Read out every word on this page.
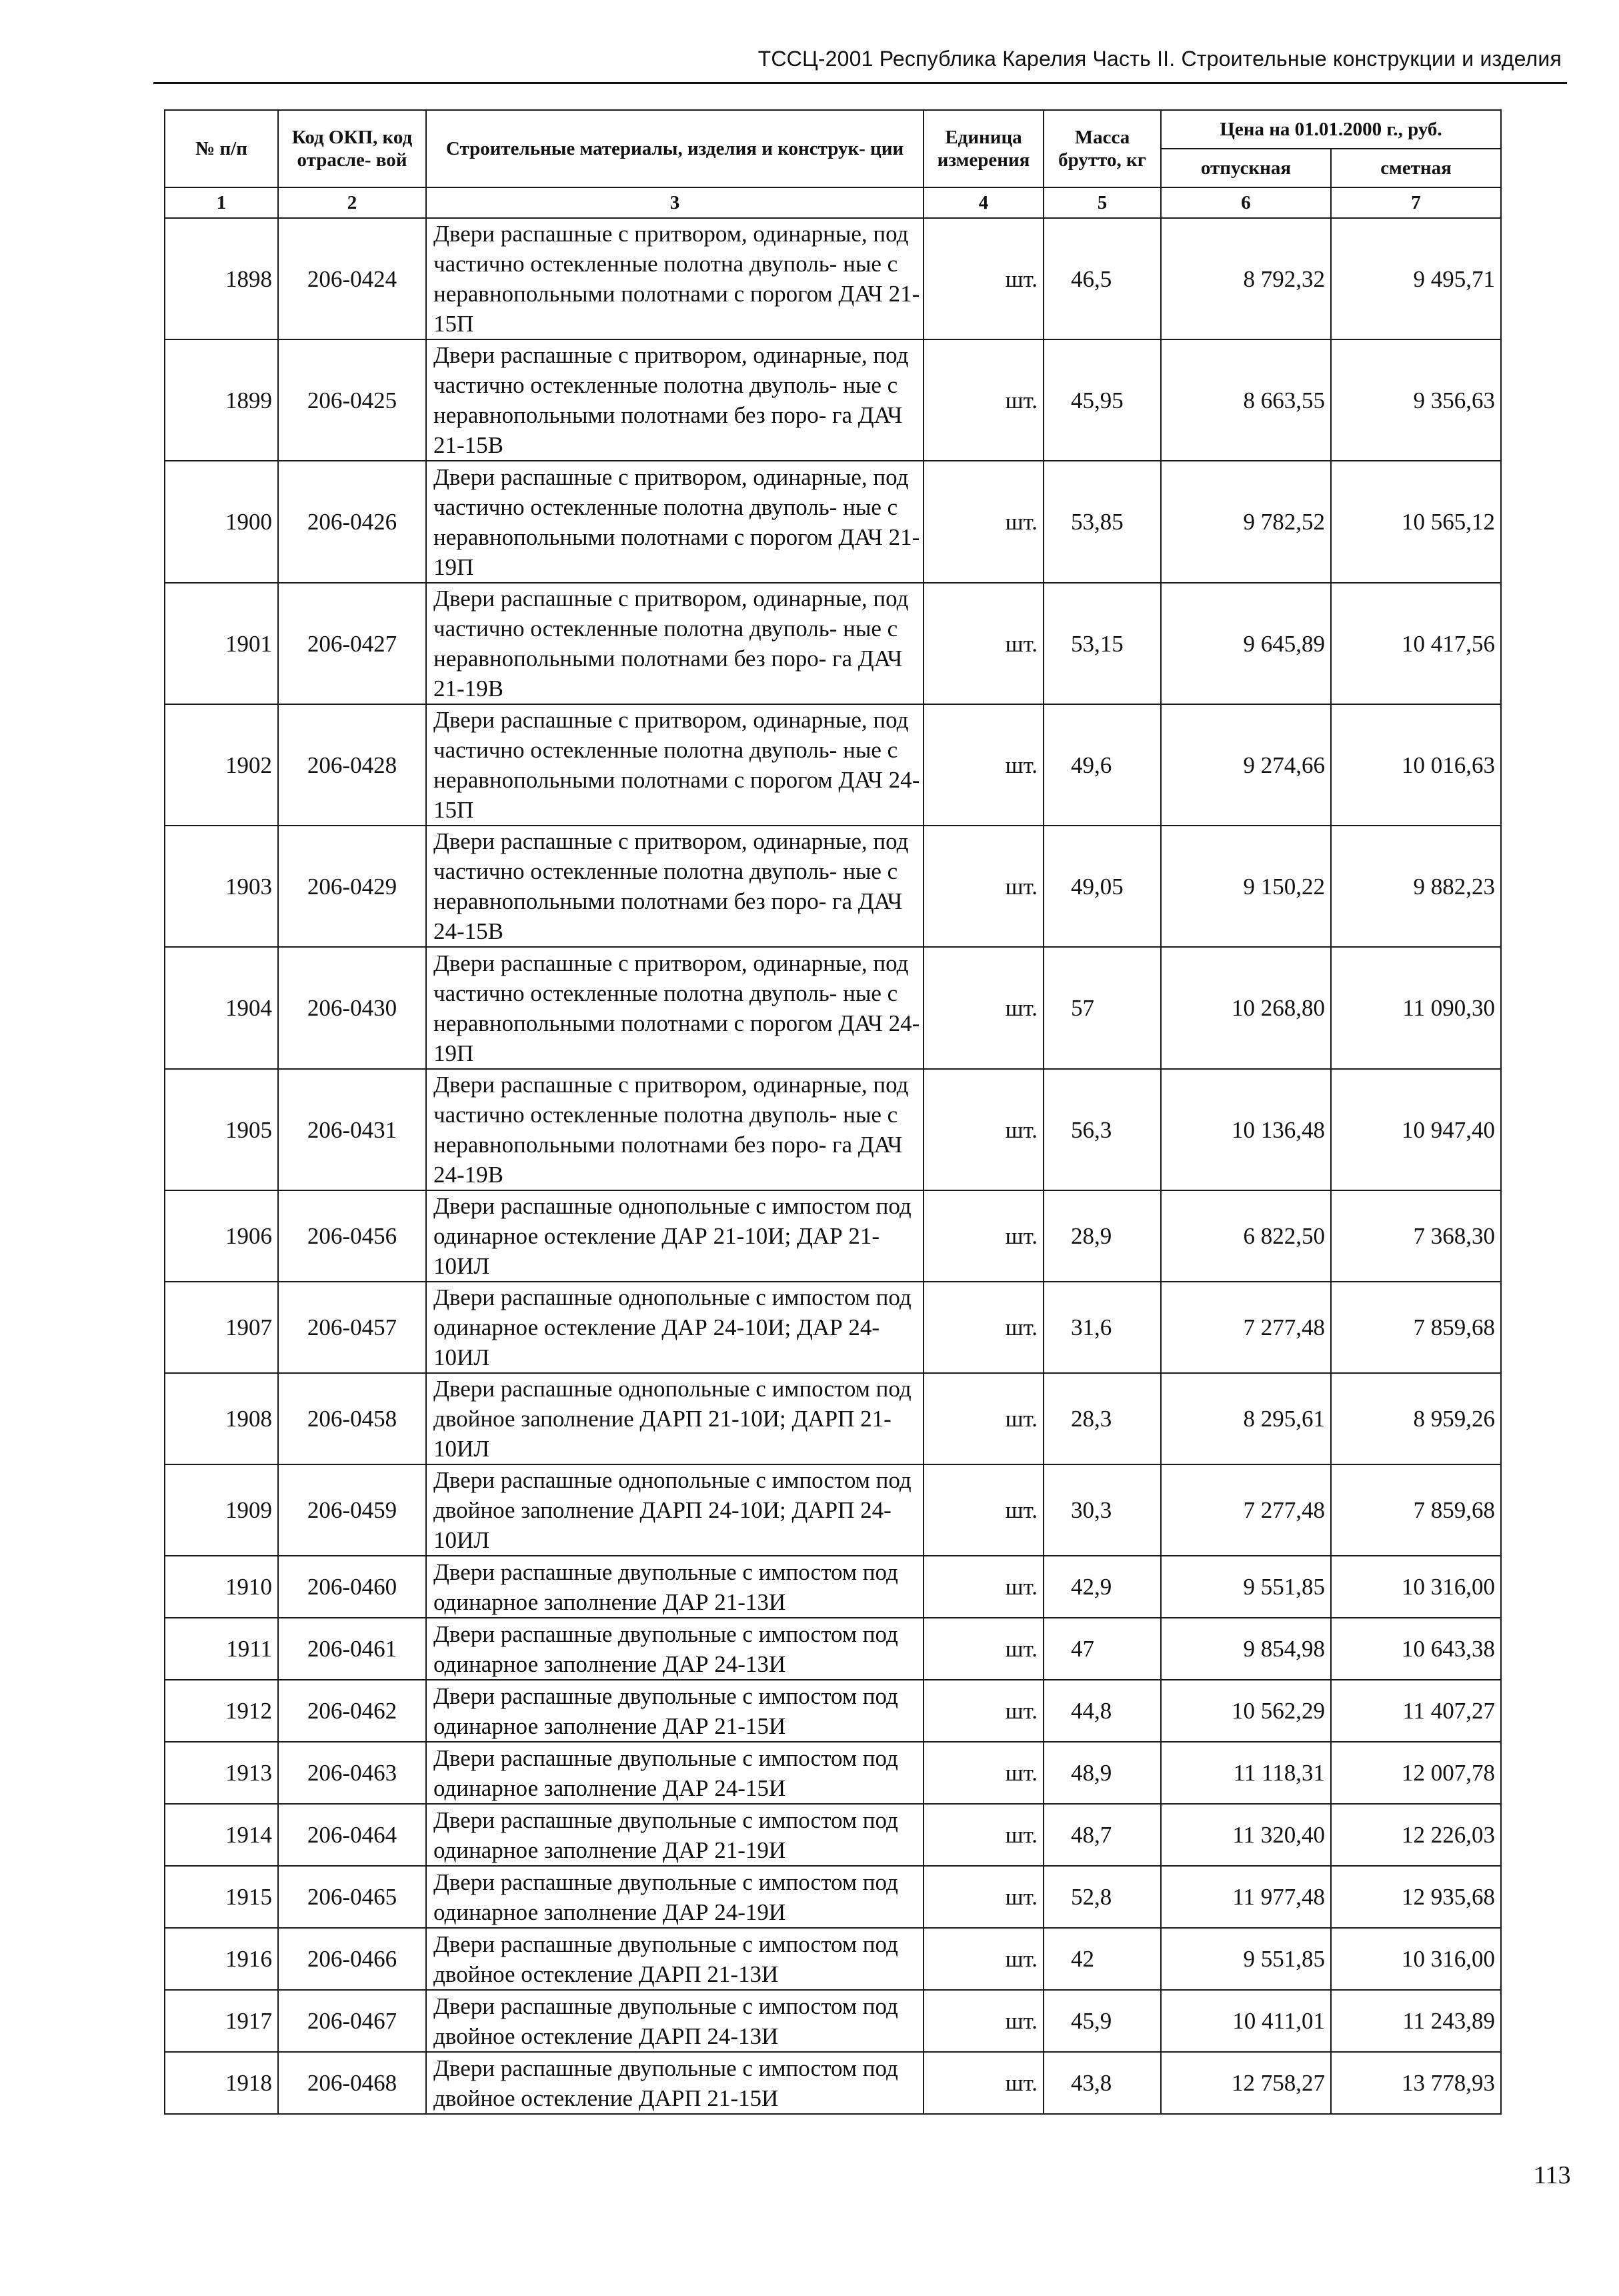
ТССЦ-2001 Республика Карелия Часть II. Строительные конструкции и изделия
№ п/п	Код ОКП, код отрасле- вой	Строительные материалы, изделия и конструк- ции	Единица измерения	Масса брутто, кг	Цена на 01.01.2000 г., руб.	
					отпускная	сметная
1	2	3	4	5	6	7
1898	206-0424	Двери распашные с притвором, одинарные, под частично остекленные полотна двуполь- ные с неравнопольными полотнами с порогом ДАЧ 21-15П	шт.	46,5	8 792,32	9 495,71
1899	206-0425	Двери распашные с притвором, одинарные, под частично остекленные полотна двуполь- ные с неравнопольными полотнами без поро- га ДАЧ 21-15В	шт.	45,95	8 663,55	9 356,63
1900	206-0426	Двери распашные с притвором, одинарные, под частично остекленные полотна двуполь- ные с неравнопольными полотнами с порогом ДАЧ 21-19П	шт.	53,85	9 782,52	10 565,12
1901	206-0427	Двери распашные с притвором, одинарные, под частично остекленные полотна двуполь- ные с неравнопольными полотнами без поро- га ДАЧ 21-19В	шт.	53,15	9 645,89	10 417,56
1902	206-0428	Двери распашные с притвором, одинарные, под частично остекленные полотна двуполь- ные с неравнопольными полотнами с порогом ДАЧ 24-15П	шт.	49,6	9 274,66	10 016,63
1903	206-0429	Двери распашные с притвором, одинарные, под частично остекленные полотна двуполь- ные с неравнопольными полотнами без поро- га ДАЧ 24-15В	шт.	49,05	9 150,22	9 882,23
1904	206-0430	Двери распашные с притвором, одинарные, под частично остекленные полотна двуполь- ные с неравнопольными полотнами с порогом ДАЧ 24-19П	шт.	57	10 268,80	11 090,30
1905	206-0431	Двери распашные с притвором, одинарные, под частично остекленные полотна двуполь- ные с неравнопольными полотнами без поро- га ДАЧ 24-19В	шт.	56,3	10 136,48	10 947,40
1906	206-0456	Двери распашные однопольные с импостом под одинарное остекление ДАР 21-10И; ДАР 21-10ИЛ	шт.	28,9	6 822,50	7 368,30
1907	206-0457	Двери распашные однопольные с импостом под одинарное остекление ДАР 24-10И; ДАР 24-10ИЛ	шт.	31,6	7 277,48	7 859,68
1908	206-0458	Двери распашные однопольные с импостом под двойное заполнение ДАРП 21-10И; ДАРП 21-10ИЛ	шт.	28,3	8 295,61	8 959,26
1909	206-0459	Двери распашные однопольные с импостом под двойное заполнение ДАРП 24-10И; ДАРП 24-10ИЛ	шт.	30,3	7 277,48	7 859,68
1910	206-0460	Двери распашные двупольные с импостом под одинарное заполнение ДАР 21-13И	шт.	42,9	9 551,85	10 316,00
1911	206-0461	Двери распашные двупольные с импостом под одинарное заполнение ДАР 24-13И	шт.	47	9 854,98	10 643,38
1912	206-0462	Двери распашные двупольные с импостом под одинарное заполнение ДАР 21-15И	шт.	44,8	10 562,29	11 407,27
1913	206-0463	Двери распашные двупольные с импостом под одинарное заполнение ДАР 24-15И	шт.	48,9	11 118,31	12 007,78
1914	206-0464	Двери распашные двупольные с импостом под одинарное заполнение ДАР 21-19И	шт.	48,7	11 320,40	12 226,03
1915	206-0465	Двери распашные двупольные с импостом под одинарное заполнение ДАР 24-19И	шт.	52,8	11 977,48	12 935,68
1916	206-0466	Двери распашные двупольные с импостом под двойное остекление ДАРП 21-13И	шт.	42	9 551,85	10 316,00
1917	206-0467	Двери распашные двупольные с импостом под двойное остекление ДАРП 24-13И	шт.	45,9	10 411,01	11 243,89
1918	206-0468	Двери распашные двупольные с импостом под двойное остекление ДАРП 21-15И	шт.	43,8	12 758,27	13 778,93
113
